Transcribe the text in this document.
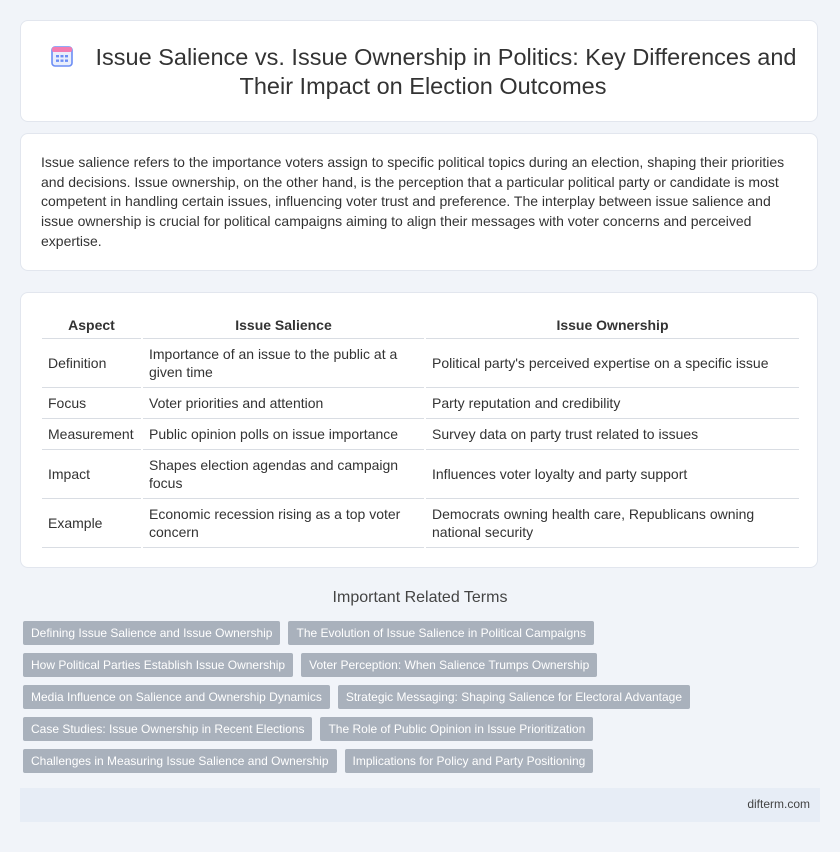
Issue Salience vs. Issue Ownership in Politics: Key Differences and Their Impact on Election Outcomes
Issue salience refers to the importance voters assign to specific political topics during an election, shaping their priorities and decisions. Issue ownership, on the other hand, is the perception that a particular political party or candidate is most competent in handling certain issues, influencing voter trust and preference. The interplay between issue salience and issue ownership is crucial for political campaigns aiming to align their messages with voter concerns and perceived expertise.
Aspect	Issue Salience	Issue Ownership
Definition	Importance of an issue to the public at a given time	Political party's perceived expertise on a specific issue
Focus	Voter priorities and attention	Party reputation and credibility
Measurement	Public opinion polls on issue importance	Survey data on party trust related to issues
Impact	Shapes election agendas and campaign focus	Influences voter loyalty and party support
Example	Economic recession rising as a top voter concern	Democrats owning health care, Republicans owning national security
Important Related Terms
Defining Issue Salience and Issue Ownership	The Evolution of Issue Salience in Political Campaigns
How Political Parties Establish Issue Ownership	Voter Perception: When Salience Trumps Ownership
Media Influence on Salience and Ownership Dynamics	Strategic Messaging: Shaping Salience for Electoral Advantage
Case Studies: Issue Ownership in Recent Elections	The Role of Public Opinion in Issue Prioritization
Challenges in Measuring Issue Salience and Ownership	Implications for Policy and Party Positioning
difterm.com
